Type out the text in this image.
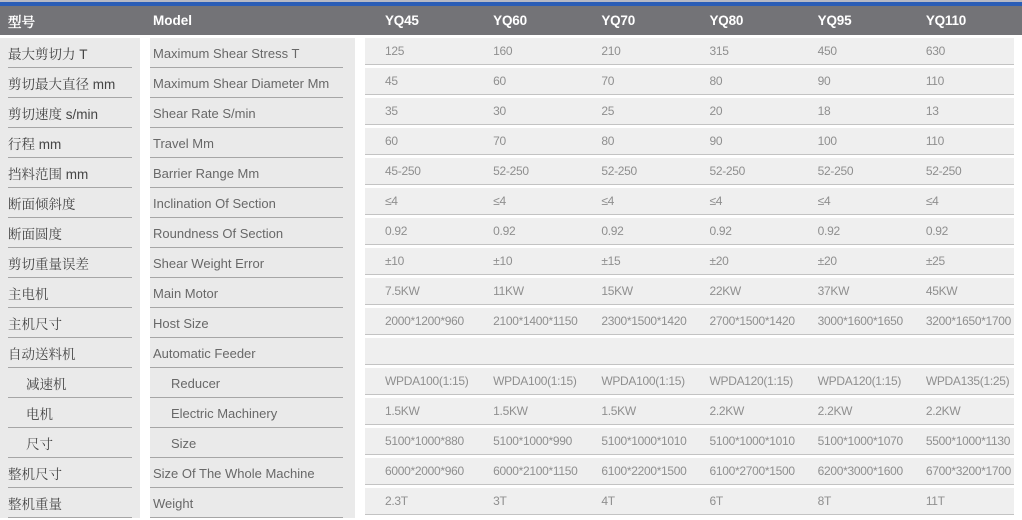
型号	Model	YQ45	YQ60	YQ70	YQ80	YQ95	YQ110
最大剪切力 T	Maximum Shear Stress T	125	160	210	315	450	630
剪切最大直径 mm	Maximum Shear Diameter Mm	45	60	70	80	90	110
剪切速度 s/min	Shear Rate S/min	35	30	25	20	18	13
行程 mm	Travel Mm	60	70	80	90	100	110
挡料范围 mm	Barrier Range Mm	45-250	52-250	52-250	52-250	52-250	52-250
断面倾斜度	Inclination Of Section	≤4	≤4	≤4	≤4	≤4	≤4
断面圆度	Roundness Of Section	0.92	0.92	0.92	0.92	0.92	0.92
剪切重量误差	Shear Weight Error	±10	±10	±15	±20	±20	±25
主电机	Main Motor	7.5KW	11KW	15KW	22KW	37KW	45KW
主机尺寸	Host Size	2000*1200*960	2100*1400*1150	2300*1500*1420	2700*1500*1420	3000*1600*1650	3200*1650*1700
自动送料机	Automatic Feeder
减速机	Reducer	WPDA100(1:15)	WPDA100(1:15)	WPDA100(1:15)	WPDA120(1:15)	WPDA120(1:15)	WPDA135(1:25)
电机	Electric Machinery	1.5KW	1.5KW	1.5KW	2.2KW	2.2KW	2.2KW
尺寸	Size	5100*1000*880	5100*1000*990	5100*1000*1010	5100*1000*1010	5100*1000*1070	5500*1000*1130
整机尺寸	Size Of The Whole Machine	6000*2000*960	6000*2100*1150	6100*2200*1500	6100*2700*1500	6200*3000*1600	6700*3200*1700
整机重量	Weight	2.3T	3T	4T	6T	8T	11T
